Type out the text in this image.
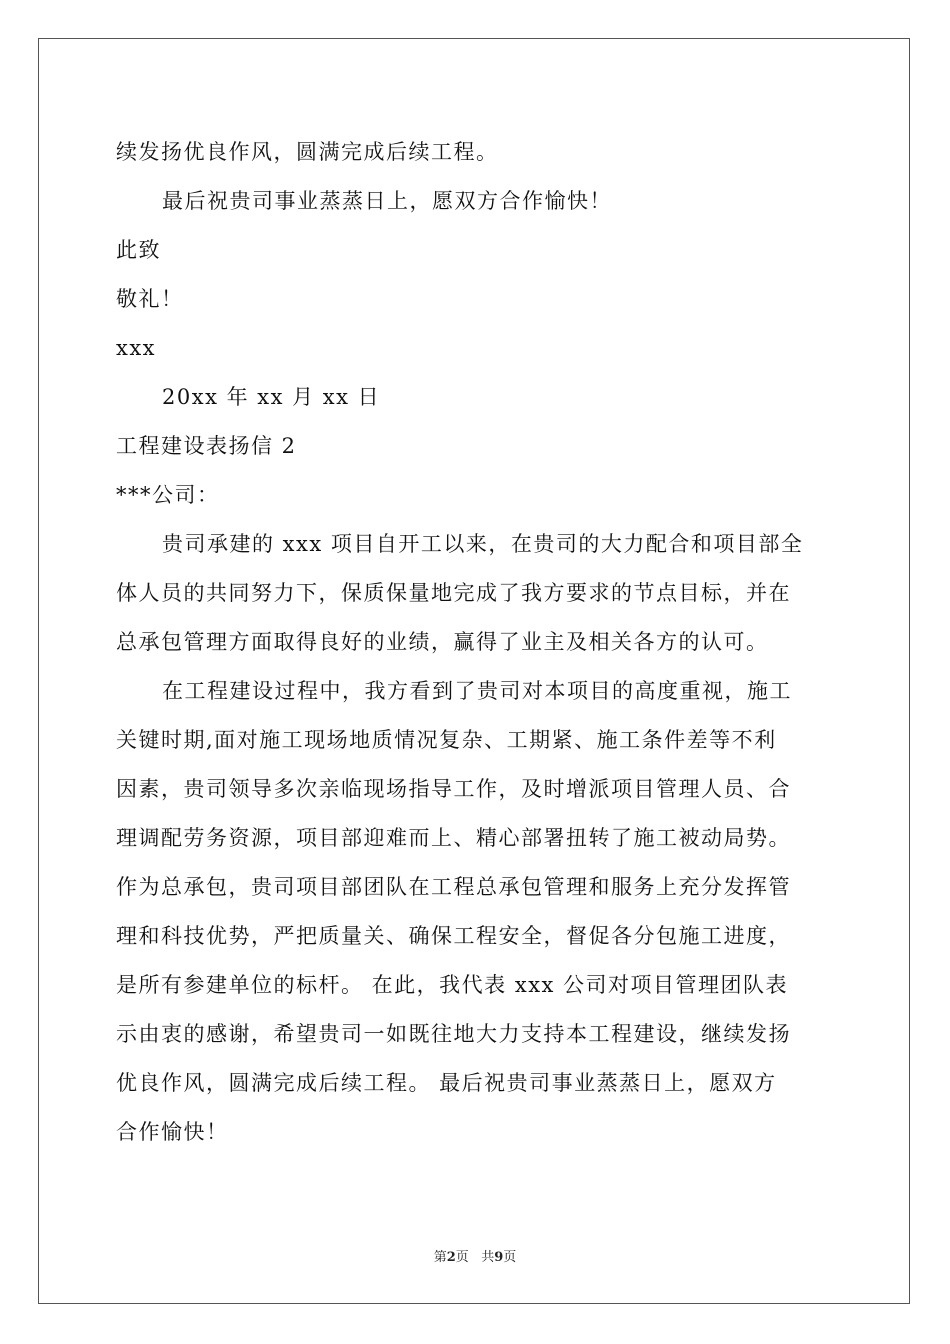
续发扬优良作风，圆满完成后续工程。
最后祝贵司事业蒸蒸日上，愿双方合作愉快！
此致
敬礼！
xxx
20xx 年 xx 月 xx 日
工程建设表扬信 2
***公司：
贵司承建的 xxx 项目自开工以来，在贵司的大力配合和项目部全
体人员的共同努力下，保质保量地完成了我方要求的节点目标，并在
总承包管理方面取得良好的业绩，赢得了业主及相关各方的认可。
在工程建设过程中，我方看到了贵司对本项目的高度重视，施工
关键时期,面对施工现场地质情况复杂、工期紧、施工条件差等不利
因素，贵司领导多次亲临现场指导工作，及时增派项目管理人员、合
理调配劳务资源，项目部迎难而上、精心部署扭转了施工被动局势。
作为总承包，贵司项目部团队在工程总承包管理和服务上充分发挥管
理和科技优势，严把质量关、确保工程安全，督促各分包施工进度，
是所有参建单位的标杆。 在此，我代表 xxx 公司对项目管理团队表
示由衷的感谢，希望贵司一如既往地大力支持本工程建设，继续发扬
优良作风，圆满完成后续工程。 最后祝贵司事业蒸蒸日上，愿双方
合作愉快！
第2页 共9页
